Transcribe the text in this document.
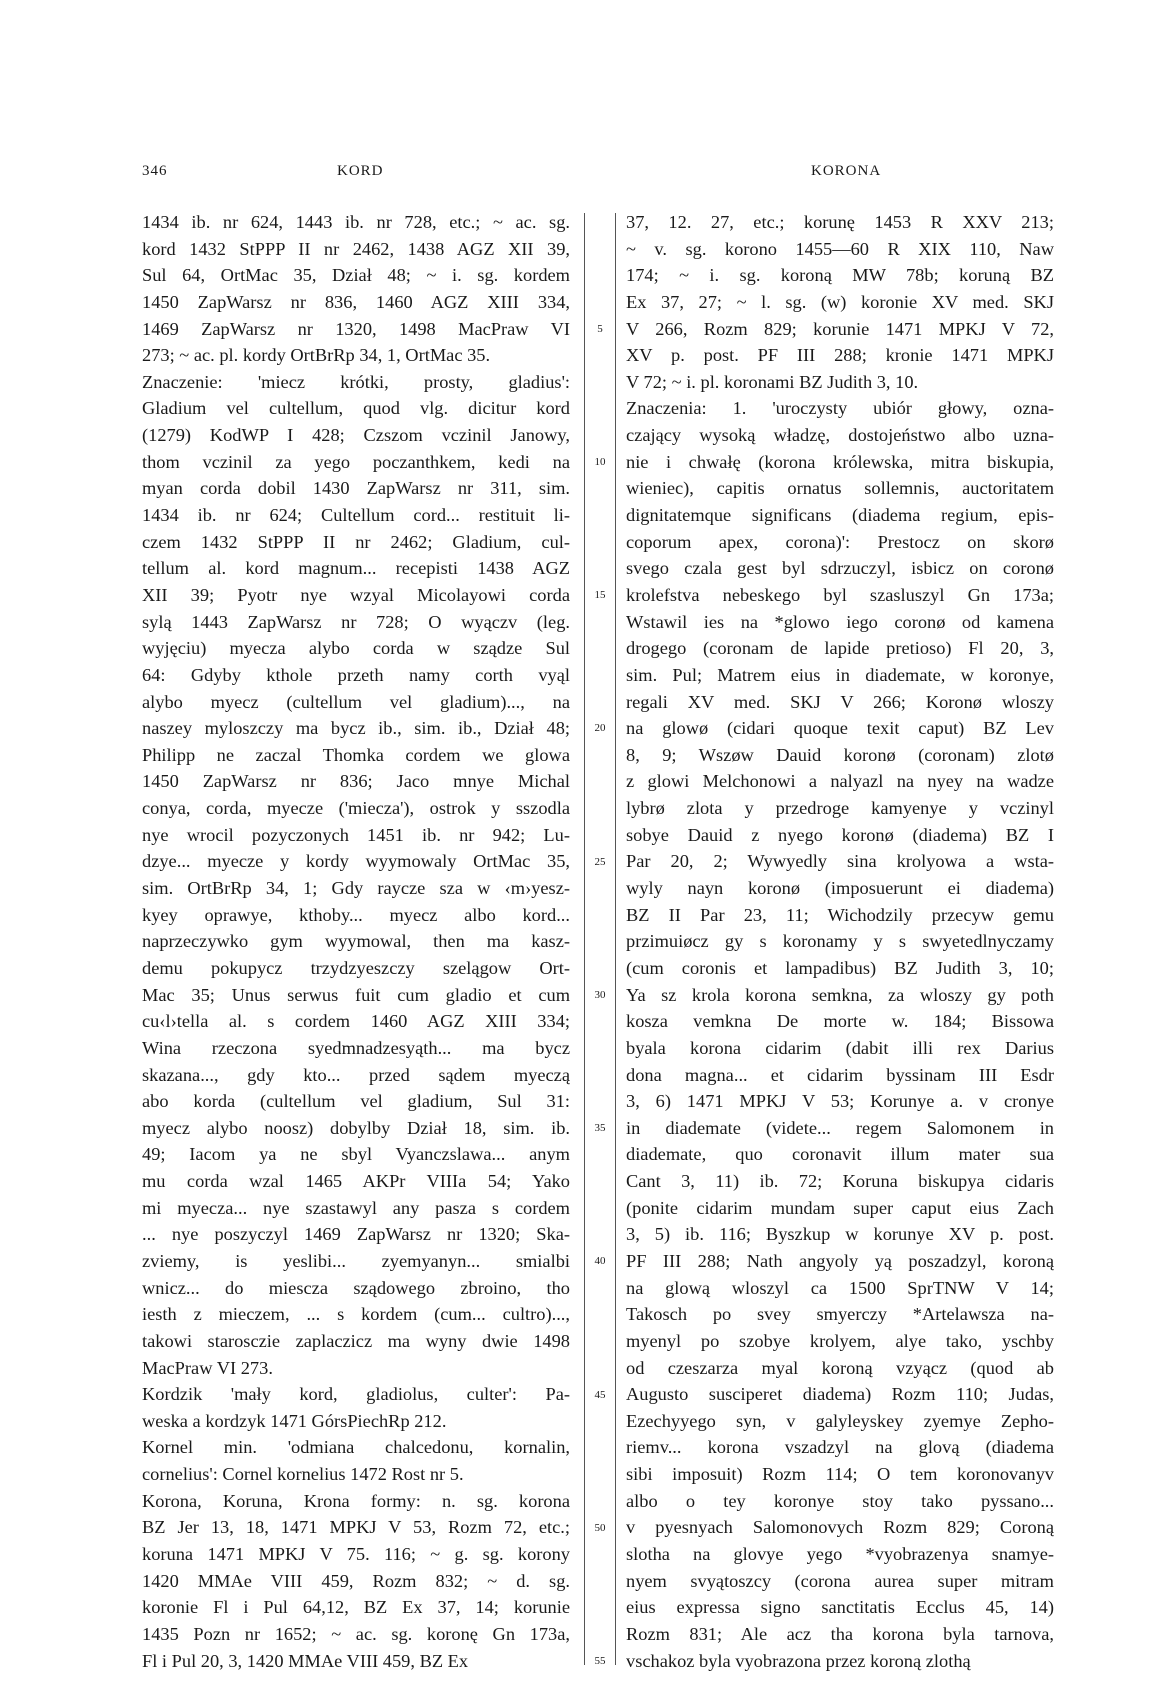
346	KORD	KORONA
1434 ib. nr 624, 1443 ib. nr 728, etc.; ~ ac. sg.
kord 1432 StPPP II nr 2462, 1438 AGZ XII 39,
Sul 64, OrtMac 35, Dział 48; ~ i. sg. kordem
1450 ZapWarsz nr 836, 1460 AGZ XIII 334,
1469 ZapWarsz nr 1320, 1498 MacPraw VI
273; ~ ac. pl. kordy OrtBrRp 34, 1, OrtMac 35.
Znaczenie: 'miecz krótki, prosty, gladius':
Gladium vel cultellum, quod vlg. dicitur kord
(1279) KodWP I 428; Czszom vczinil Janowy,
thom vczinil za yego poczanthkem, kedi na
myan corda dobil 1430 ZapWarsz nr 311, sim.
1434 ib. nr 624; Cultellum cord... restituit li-
czem 1432 StPPP II nr 2462; Gladium, cul-
tellum al. kord magnum... recepisti 1438 AGZ
XII 39; Pyotr nye wzyal Micolayowi corda
sylą 1443 ZapWarsz nr 728; O wyączv (leg.
wyjęciu) myecza alybo corda w sządze Sul
64: Gdyby kthole przeth namy corth vyąl
alybo myecz (cultellum vel gladium)..., na
naszey myloszczy ma bycz ib., sim. ib., Dział 48;
Philipp ne zaczal Thomka cordem we glowa
1450 ZapWarsz nr 836; Jaco mnye Michal
conya, corda, myecze ('miecza'), ostrok y sszodla
nye wrocil pozyczonych 1451 ib. nr 942; Lu-
dzye... myecze y kordy wyymowaly OrtMac 35,
sim. OrtBrRp 34, 1; Gdy raycze sza w ‹m›yesz-
kyey oprawye, kthoby... myecz albo kord...
naprzeczywko gym wyymowal, then ma kasz-
demu pokupycz trzydzyeszczy szelągow Ort-
Mac 35; Unus serwus fuit cum gladio et cum
cu‹l›tella al. s cordem 1460 AGZ XIII 334;
Wina rzeczona syedmnadzesyąth... ma bycz
skazana..., gdy kto... przed sądem myeczą
abo korda (cultellum vel gladium, Sul 31:
myecz alybo noosz) dobylby Dział 18, sim. ib.
49; Iacom ya ne sbyl Vyanczslawa... anym
mu corda wzal 1465 AKPr VIIIa 54; Yako
mi myecza... nye szastawyl any pasza s cordem
... nye poszyczyl 1469 ZapWarsz nr 1320; Ska-
zviemy, is yeslibi... zyemyanyn... smialbi
wnicz... do miescza sządowego zbroino, tho
iesth z mieczem, ... s kordem (cum... cultro)...,
takowi starosczie zaplaczicz ma wyny dwie 1498
MacPraw VI 273.
Kordzik 'mały kord, gladiolus, culter': Pa-
weska a kordzyk 1471 GórsPiechRp 212.
Kornel min. 'odmiana chalcedonu, kornalin,
cornelius': Cornel kornelius 1472 Rost nr 5.
Korona, Koruna, Krona formy: n. sg. korona
BZ Jer 13, 18, 1471 MPKJ V 53, Rozm 72, etc.;
koruna 1471 MPKJ V 75. 116; ~ g. sg. korony
1420 MMAe VIII 459, Rozm 832; ~ d. sg.
koronie Fl i Pul 64,12, BZ Ex 37, 14; korunie
1435 Pozn nr 1652; ~ ac. sg. koronę Gn 173a,
Fl i Pul 20, 3, 1420 MMAe VIII 459, BZ Ex
5
10
15
20
25
30
35
40
45
50
55
37, 12. 27, etc.; korunę 1453 R XXV 213;
~ v. sg. korono 1455—60 R XIX 110, Naw
174; ~ i. sg. koroną MW 78b; koruną BZ
Ex 37, 27; ~ l. sg. (w) koronie XV med. SKJ
V 266, Rozm 829; korunie 1471 MPKJ V 72,
XV p. post. PF III 288; kronie 1471 MPKJ
V 72; ~ i. pl. koronami BZ Judith 3, 10.
Znaczenia: 1. 'uroczysty ubiór głowy, ozna-
czający wysoką władzę, dostojeństwo albo uzna-
nie i chwałę (korona królewska, mitra biskupia,
wieniec), capitis ornatus sollemnis, auctoritatem
dignitatemque significans (diadema regium, epis-
coporum apex, corona)': Prestocz on skorø
svego czala gest byl sdrzuczyl, isbicz on coronø
krolefstva nebeskego byl szasluszyl Gn 173a;
Wstawil ies na *glowo iego coronø od kamena
drogego (coronam de lapide pretioso) Fl 20, 3,
sim. Pul; Matrem eius in diademate, w koronye,
regali XV med. SKJ V 266; Koronø wloszy
na glowø (cidari quoque texit caput) BZ Lev
8, 9; Wszøw Dauid koronø (coronam) zlotø
z glowi Melchonowi a nalyazl na nyey na wadze
lybrø zlota y przedroge kamyenye y vczinyl
sobye Dauid z nyego koronø (diadema) BZ I
Par 20, 2; Wywyedly sina krolyowa a wsta-
wyly nayn koronø (imposuerunt ei diadema)
BZ II Par 23, 11; Wichodzily przecyw gemu
przimuiøcz gy s koronamy y s swyetedlnyczamy
(cum coronis et lampadibus) BZ Judith 3, 10;
Ya sz krola korona semkna, za wloszy gy poth
kosza vemkna De morte w. 184; Bissowa
byala korona cidarim (dabit illi rex Darius
dona magna... et cidarim byssinam III Esdr
3, 6) 1471 MPKJ V 53; Korunye a. v cronye
in diademate (videte... regem Salomonem in
diademate, quo coronavit illum mater sua
Cant 3, 11) ib. 72; Koruna biskupya cidaris
(ponite cidarim mundam super caput eius Zach
3, 5) ib. 116; Byszkup w korunye XV p. post.
PF III 288; Nath angyoly yą poszadzyl, koroną
na glową wloszyl ca 1500 SprTNW V 14;
Takosch po svey smyerczy *Artelawsza na-
myenyl po szobye krolyem, alye tako, yschby
od czeszarza myal koroną vzyącz (quod ab
Augusto susciperet diadema) Rozm 110; Judas,
Ezechyyego syn, v galyleyskey zyemye Zepho-
riemv... korona vszadzyl na glovą (diadema
sibi imposuit) Rozm 114; O tem koronovanyv
albo o tey koronye stoy tako pyssano...
v pyesnyach Salomonovych Rozm 829; Coroną
slotha na glovye yego *vyobrazenya snamye-
nyem svyątoszcy (corona aurea super mitram
eius expressa signo sanctitatis Ecclus 45, 14)
Rozm 831; Ale acz tha korona byla tarnova,
vschakoz byla vyobrazona przez koroną zlothą
